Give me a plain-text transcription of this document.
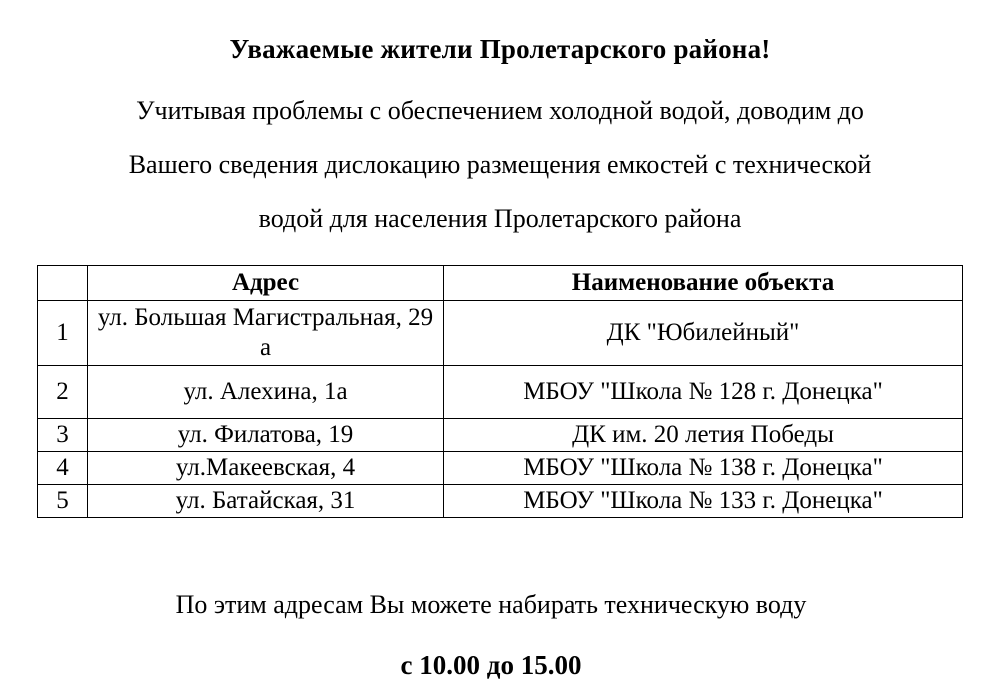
Уважаемые жители Пролетарского района!
Учитывая проблемы с обеспечением холодной водой, доводим до
Вашего сведения дислокацию размещения емкостей с технической
водой для населения Пролетарского района
	Адрес	Наименование объекта
1	ул. Большая Магистральная, 29 а	ДК "Юбилейный"
2	ул. Алехина, 1а	МБОУ "Школа № 128 г. Донецка"
3	ул. Филатова, 19	ДК им. 20 летия Победы
4	ул.Макеевская, 4	МБОУ "Школа № 138 г. Донецка"
5	ул. Батайская, 31	МБОУ "Школа № 133 г. Донецка"
По этим адресам Вы можете набирать техническую воду
с 10.00 до 15.00
